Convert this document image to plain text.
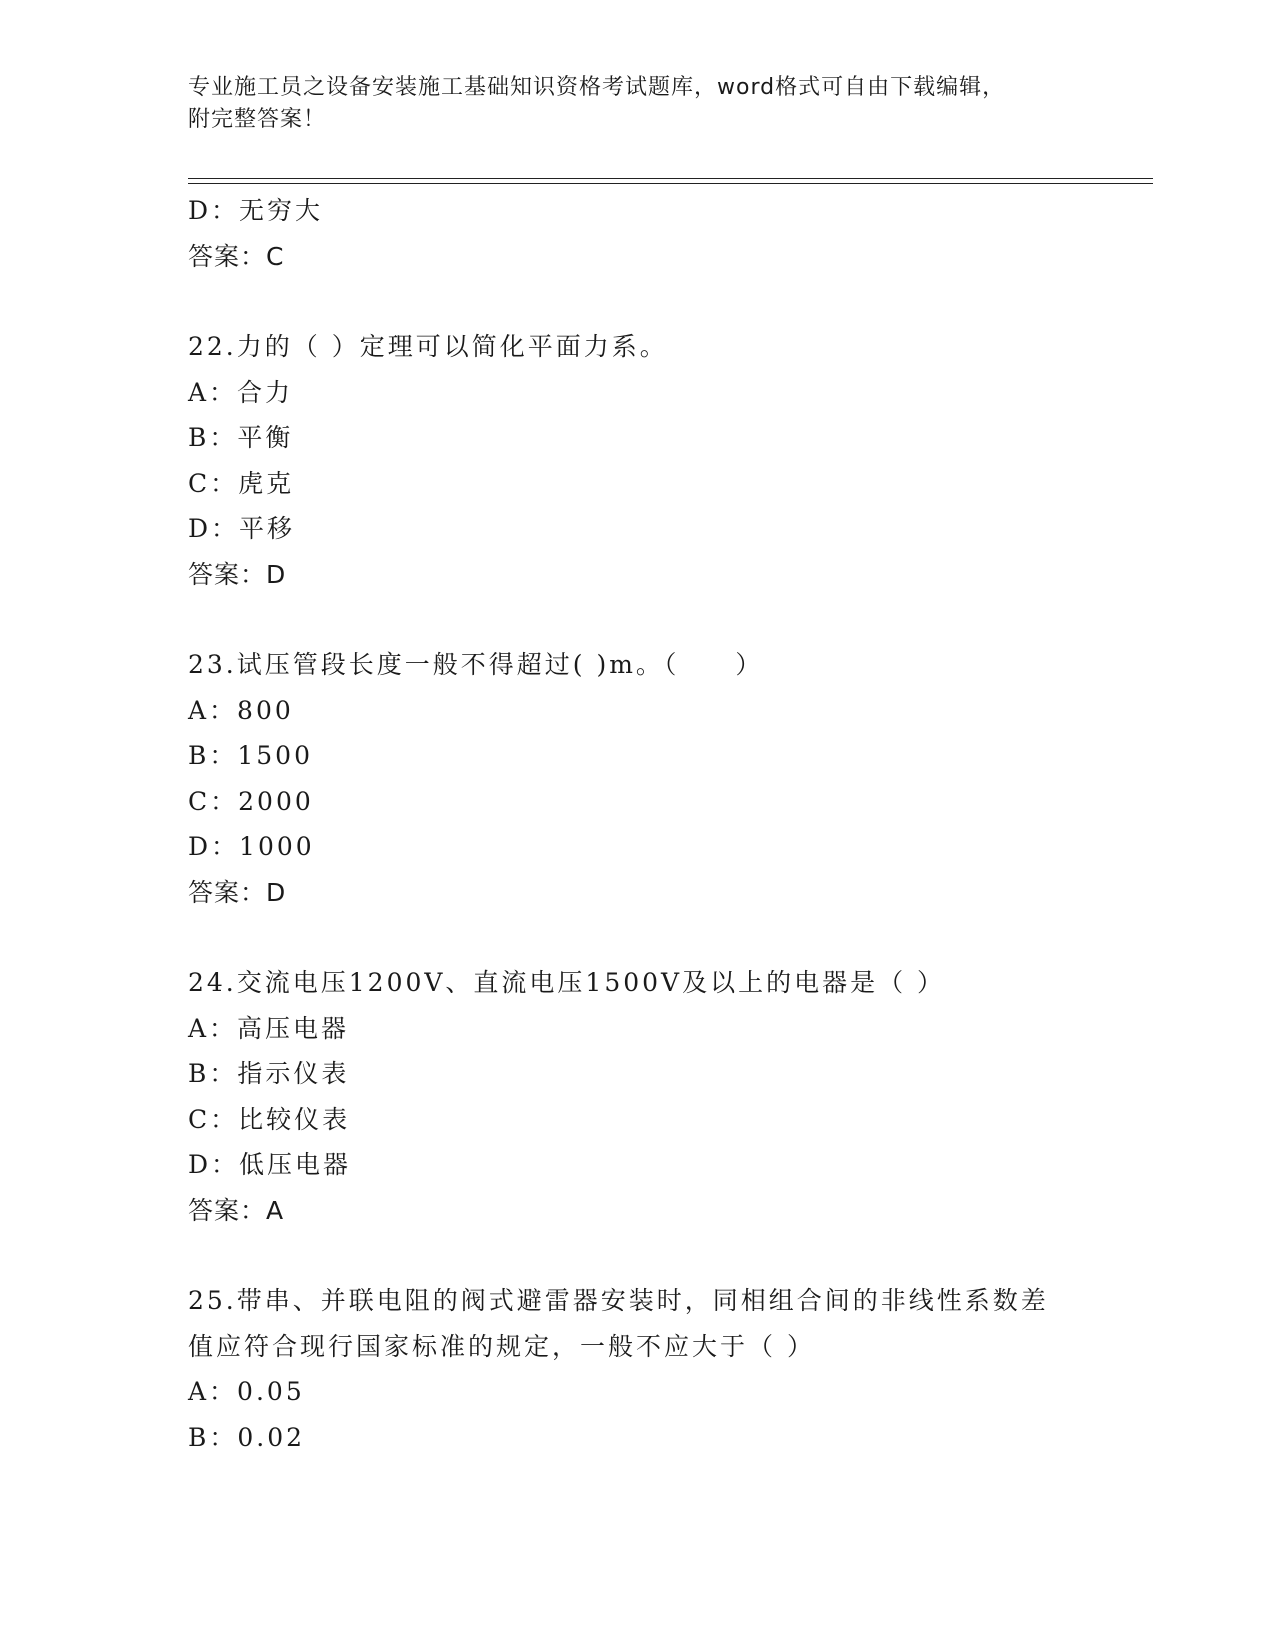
专业施工员之设备安装施工基础知识资格考试题库，word格式可自由下载编辑，
附完整答案！
D：无穷大
答案：C
22.力的（ ）定理可以简化平面力系。
A：合力
B：平衡
C：虎克
D：平移
答案：D
23.试压管段长度一般不得超过( )m。（　　）
A：800
B：1500
C：2000
D：1000
答案：D
24.交流电压1200V、直流电压1500V及以上的电器是（ ）
A：高压电器
B：指示仪表
C：比较仪表
D：低压电器
答案：A
25.带串、并联电阻的阀式避雷器安装时，同相组合间的非线性系数差
值应符合现行国家标准的规定，一般不应大于（ ）
A：0.05
B：0.02
